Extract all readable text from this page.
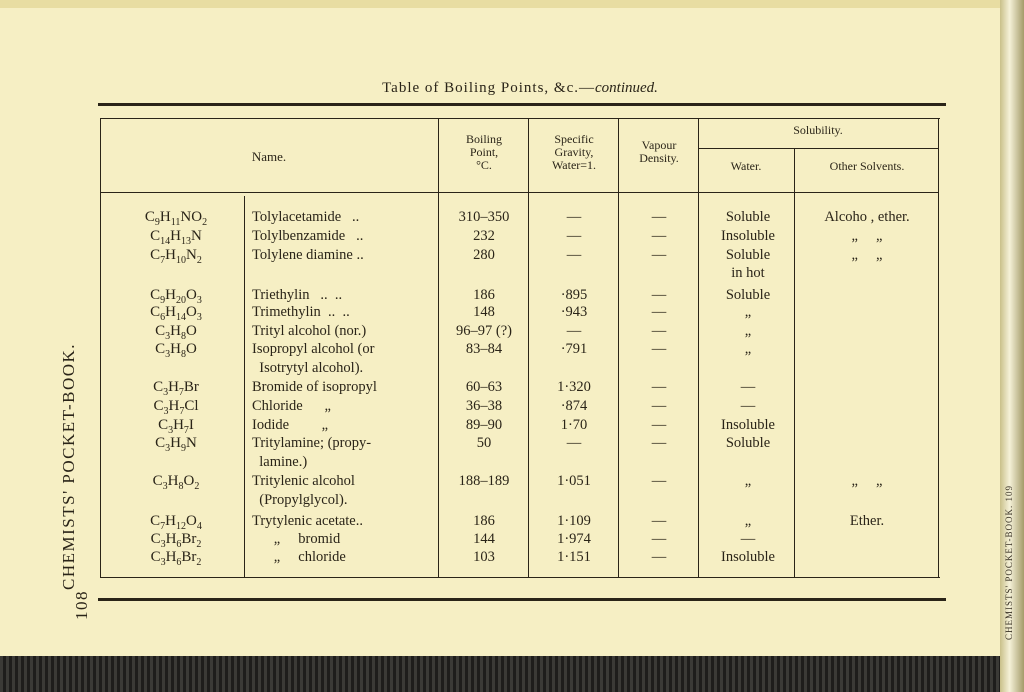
CHEMISTS' POCKET-BOOK. 109
108
CHEMISTS' POCKET-BOOK.
Table of Boiling Points, &c.—continued.
Name.
Boiling
Point,
°C.
Specific
Gravity,
Water=1.
Vapour
Density.
Solubility.
Water.	Other Solvents.
$C_9H_{11}NO_2$	Tolylacetamide   ..	310–350	—	—	Soluble	Alcoho , ether.
$C_{14}H_{13}N$	Tolylbenzamide   ..	232	—	—	Insoluble	„     „
$C_7H_{10}N_2$	Tolylene diamine ..	280	—	—	Soluble	„     „
in hot
$C_9H_{20}O_3$	Triethylin   ..  ..	186	·895	—	Soluble
$C_6H_{14}O_3$	Trimethylin  ..  ..	148	·943	—	„
$C_3H_8O$	Trityl alcohol (nor.)	96–97 (?)	—	—	„
$C_3H_8O$	Isopropyl alcohol (or	83–84	·791	—	„
Isotrytyl alcohol).
$C_3H_7Br$	Bromide of isopropyl	60–63	1·320	—	—
$C_3H_7Cl$	Chloride      „	36–38	·874	—	—
$C_3H_7I$	Iodide         „	89–90	1·70	—	Insoluble
$C_3H_9N$	Tritylamine; (propy-	50	—	—	Soluble
lamine.)
$C_3H_8O_2$	Tritylenic alcohol	188–189	1·051	—	„	„     „
(Propylglycol).
$C_7H_{12}O_4$	Trytylenic acetate..	186	1·109	—	„	Ether.
$C_3H_6Br_2$	„     bromid	144	1·974	—	—
$C_3H_6Br_2$	„     chloride	103	1·151	—	Insoluble
